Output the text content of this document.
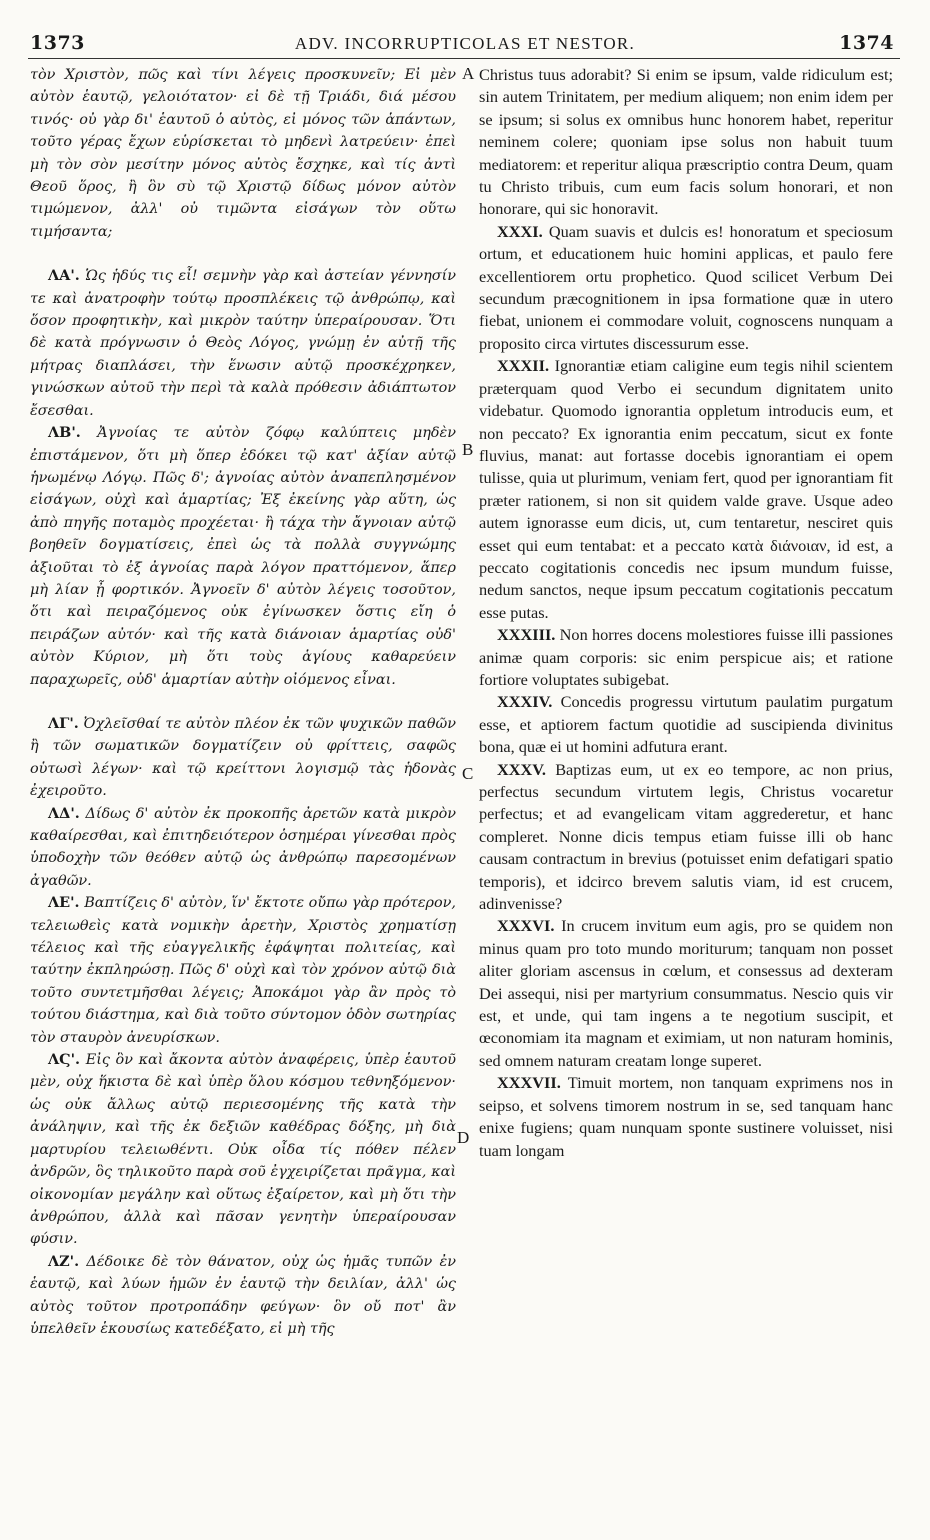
1373	ADV. INCORRUPTICOLAS ET NESTOR.	1374

τὸν Χριστὸν, πῶς καὶ τίνι λέγεις προσκυνεῖν; Εἰ μὲν αὐτὸν ἑαυτῷ, γελοιότατον· εἰ δὲ τῇ Τριάδι, διά μέσου τινός· οὐ γὰρ δι' ἑαυτοῦ ὁ αὐτὸς, εἰ μόνος τῶν ἁπάντων, τοῦτο γέρας ἔχων εὑρίσκεται τὸ μηδενὶ λατρεύειν· ἐπεὶ μὴ τὸν σὸν μεσίτην μόνος αὐτὸς ἔσχηκε, καὶ τίς ἀντὶ Θεοῦ ὅρος, ἢ ὃν σὺ τῷ Χριστῷ δίδως μόνον αὐτὸν τιμώμενον, ἀλλ' οὐ τιμῶντα εἰσάγων τὸν οὕτω τιμήσαντα;

ΛΑ'. Ὡς ἡδύς τις εἶ! σεμνὴν γὰρ καὶ ἀστείαν γέννησίν τε καὶ ἀνατροφὴν τούτῳ προσπλέκεις τῷ ἀνθρώπῳ, καὶ ὅσον προφητικὴν, καὶ μικρὸν ταύτην ὑπεραίρουσαν. Ὅτι δὲ κατὰ πρόγνωσιν ὁ Θεὸς Λόγος, γνώμῃ ἐν αὐτῇ τῆς μήτρας διαπλάσει, τὴν ἕνωσιν αὐτῷ προσκέχρηκεν, γινώσκων αὐτοῦ τὴν περὶ τὰ καλὰ πρόθεσιν ἀδιάπτωτον ἔσεσθαι.

ΛΒ'. Ἀγνοίας τε αὐτὸν ζόφῳ καλύπτεις μηδὲν ἐπιστάμενον, ὅτι μὴ ὅπερ ἐδόκει τῷ κατ' ἀξίαν αὐτῷ ἡνωμένῳ Λόγῳ. Πῶς δ'; ἀγνοίας αὐτὸν ἀναπεπλησμένον εἰσάγων, οὐχὶ καὶ ἁμαρτίας; Ἐξ ἐκείνης γὰρ αὕτη, ὡς ἀπὸ πηγῆς ποταμὸς προχέεται· ἢ τάχα τὴν ἄγνοιαν αὐτῷ βοηθεῖν δογματίσεις, ἐπεὶ ὡς τὰ πολλὰ συγγνώμης ἀξιοῦται τὸ ἐξ ἀγνοίας παρὰ λόγον πραττόμενον, ἅπερ μὴ λίαν ᾖ φορτικόν. Ἀγνοεῖν δ' αὐτὸν λέγεις τοσοῦτον, ὅτι καὶ πειραζόμενος οὐκ ἐγίνωσκεν ὅστις εἴη ὁ πειράζων αὐτόν· καὶ τῆς κατὰ διάνοιαν ἁμαρτίας οὐδ' αὐτὸν Κύριον, μὴ ὅτι τοὺς ἁγίους καθαρεύειν παραχωρεῖς, οὐδ' ἁμαρτίαν αὐτὴν οἰόμενος εἶναι.

ΛΓ'. Ὀχλεῖσθαί τε αὐτὸν πλέον ἐκ τῶν ψυχικῶν παθῶν ἢ τῶν σωματικῶν δογματίζειν οὐ φρίττεις, σαφῶς οὑτωσὶ λέγων· καὶ τῷ κρείττονι λογισμῷ τὰς ἡδονὰς ἐχειροῦτο.

ΛΔ'. Δίδως δ' αὐτὸν ἐκ προκοπῆς ἀρετῶν κατὰ μικρὸν καθαίρεσθαι, καὶ ἐπιτηδειότερον ὁσημέραι γίνεσθαι πρὸς ὑποδοχὴν τῶν θεόθεν αὐτῷ ὡς ἀνθρώπῳ παρεσομένων ἀγαθῶν.

ΛΕ'. Βαπτίζεις δ' αὐτὸν, ἵν' ἔκτοτε οὔπω γὰρ πρότερον, τελειωθεὶς κατὰ νομικὴν ἀρετὴν, Χριστὸς χρηματίσῃ τέλειος καὶ τῆς εὐαγγελικῆς ἐφάψηται πολιτείας, καὶ ταύτην ἐκπληρώσῃ. Πῶς δ' οὐχὶ καὶ τὸν χρόνον αὐτῷ διὰ τοῦτο συντετμῆσθαι λέγεις; Ἀποκάμοι γὰρ ἂν πρὸς τὸ τούτου διάστημα, καὶ διὰ τοῦτο σύντομον ὁδὸν σωτηρίας τὸν σταυρὸν ἀνευρίσκων.

ΛϚ'. Εἰς ὃν καὶ ἄκοντα αὐτὸν ἀναφέρεις, ὑπὲρ ἑαυτοῦ μὲν, οὐχ ἥκιστα δὲ καὶ ὑπὲρ ὅλου κόσμου τεθνηξόμενον· ὡς οὐκ ἄλλως αὐτῷ περιεσομένης τῆς κατὰ τὴν ἀνάληψιν, καὶ τῆς ἐκ δεξιῶν καθέδρας δόξης, μὴ διὰ μαρτυρίου τελειωθέντι. Οὐκ οἶδα τίς πόθεν πέλεν ἀνδρῶν, ὃς τηλικοῦτο παρὰ σοῦ ἐγχειρίζεται πρᾶγμα, καὶ οἰκονομίαν μεγάλην καὶ οὕτως ἐξαίρετον, καὶ μὴ ὅτι τὴν ἀνθρώπου, ἀλλὰ καὶ πᾶσαν γενητὴν ὑπεραίρουσαν φύσιν.

ΛΖ'. Δέδοικε δὲ τὸν θάνατον, οὐχ ὡς ἡμᾶς τυπῶν ἐν ἑαυτῷ, καὶ λύων ἡμῶν ἐν ἑαυτῷ τὴν δειλίαν, ἀλλ' ὡς αὐτὸς τοῦτον προτροπάδην φεύγων· ὃν οὔ ποτ' ἂν ὑπελθεῖν ἑκουσίως κατεδέξατο, εἰ μὴ τῆς

A
B
C
D

Christus tuus adorabit? Si enim se ipsum, valde ridiculum est; sin autem Trinitatem, per medium aliquem; non enim idem per se ipsum; si solus ex omnibus hunc honorem habet, reperitur neminem colere; quoniam ipse solus non habuit tuum mediatorem: et reperitur aliqua præscriptio contra Deum, quam tu Christo tribuis, cum eum facis solum honorari, et non honorare, qui sic honoravit.

XXXI. Quam suavis et dulcis es! honoratum et speciosum ortum, et educationem huic homini applicas, et paulo fere excellentiorem ortu prophetico. Quod scilicet Verbum Dei secundum præcognitionem in ipsa formatione quæ in utero fiebat, unionem ei commodare voluit, cognoscens nunquam a proposito circa virtutes discessurum esse.

XXXII. Ignorantiæ etiam caligine eum tegis nihil scientem præterquam quod Verbo ei secundum dignitatem unito videbatur. Quomodo ignorantia oppletum introducis eum, et non peccato? Ex ignorantia enim peccatum, sicut ex fonte fluvius, manat: aut fortasse docebis ignorantiam ei opem tulisse, quia ut plurimum, veniam fert, quod per ignorantiam fit præter rationem, si non sit quidem valde grave. Usque adeo autem ignorasse eum dicis, ut, cum tentaretur, nesciret quis esset qui eum tentabat: et a peccato κατὰ διάνοιαν, id est, a peccato cogitationis concedis nec ipsum mundum fuisse, nedum sanctos, neque ipsum peccatum cogitationis peccatum esse putas.

XXXIII. Non horres docens molestiores fuisse illi passiones animæ quam corporis: sic enim perspicue ais; et ratione fortiore voluptates subigebat.

XXXIV. Concedis progressu virtutum paulatim purgatum esse, et aptiorem factum quotidie ad suscipienda divinitus bona, quæ ei ut homini adfutura erant.

XXXV. Baptizas eum, ut ex eo tempore, ac non prius, perfectus secundum virtutem legis, Christus vocaretur perfectus; et ad evangelicam vitam aggrederetur, et hanc compleret. Nonne dicis tempus etiam fuisse illi ob hanc causam contractum in brevius (potuisset enim defatigari spatio temporis), et idcirco brevem salutis viam, id est crucem, adinvenisse?

XXXVI. In crucem invitum eum agis, pro se quidem non minus quam pro toto mundo moriturum; tanquam non posset aliter gloriam ascensus in cœlum, et consessus ad dexteram Dei assequi, nisi per martyrium consummatus. Nescio quis vir est, et unde, qui tam ingens a te negotium suscipit, et œconomiam ita magnam et eximiam, ut non naturam hominis, sed omnem naturam creatam longe superet.

XXXVII. Timuit mortem, non tanquam exprimens nos in seipso, et solvens timorem nostrum in se, sed tanquam hanc enixe fugiens; quam nunquam sponte sustinere voluisset, nisi tuam longam
